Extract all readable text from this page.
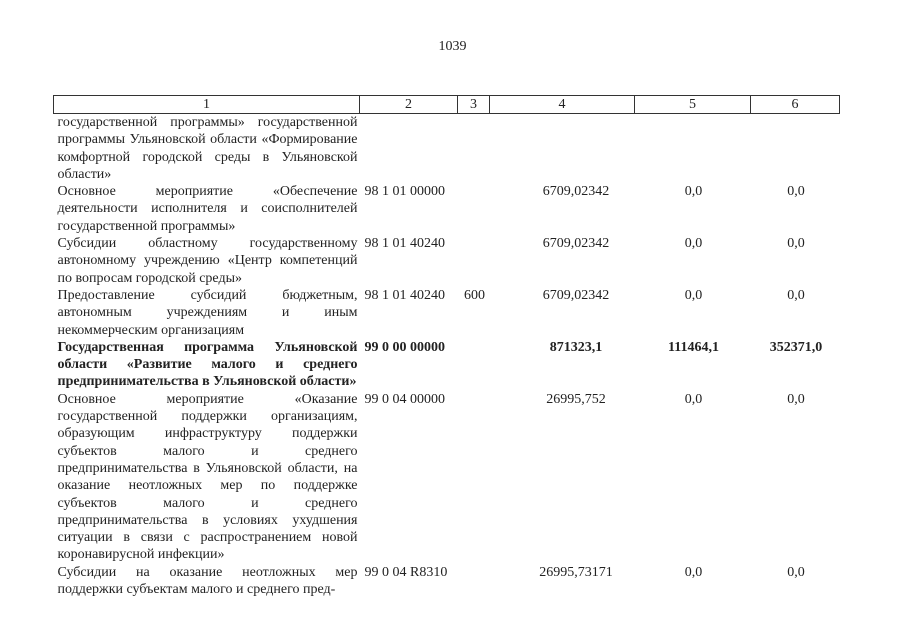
1039
1	2	3	4	5	6
государственной программы» государственной программы Ульяновской области «Формирование комфортной городской среды в Ульяновской области»					
Основное мероприятие «Обеспечение деятельности исполнителя и соисполнителей государственной программы»	98 1 01 00000		6709,02342	0,0	0,0
Субсидии областному государственному автономному учреждению «Центр компетенций по вопросам городской среды»	98 1 01 40240		6709,02342	0,0	0,0
Предоставление субсидий бюджетным, автономным учреждениям и иным некоммерческим организациям	98 1 01 40240	600	6709,02342	0,0	0,0
Государственная программа Ульяновской области «Развитие малого и среднего предпринимательства в Ульяновской области»	99 0 00 00000		871323,1	111464,1	352371,0
Основное мероприятие «Оказание государственной поддержки организациям, образующим инфраструктуру поддержки субъектов малого и среднего предпринимательства в Ульяновской области, на оказание неотложных мер по поддержке субъектов малого и среднего предпринимательства в условиях ухудшения ситуации в связи с распространением новой коронавирусной инфекции»	99 0 04 00000		26995,752	0,0	0,0
Субсидии на оказание неотложных мер поддержки субъектам малого и среднего пред-	99 0 04 R8310		26995,73171	0,0	0,0
